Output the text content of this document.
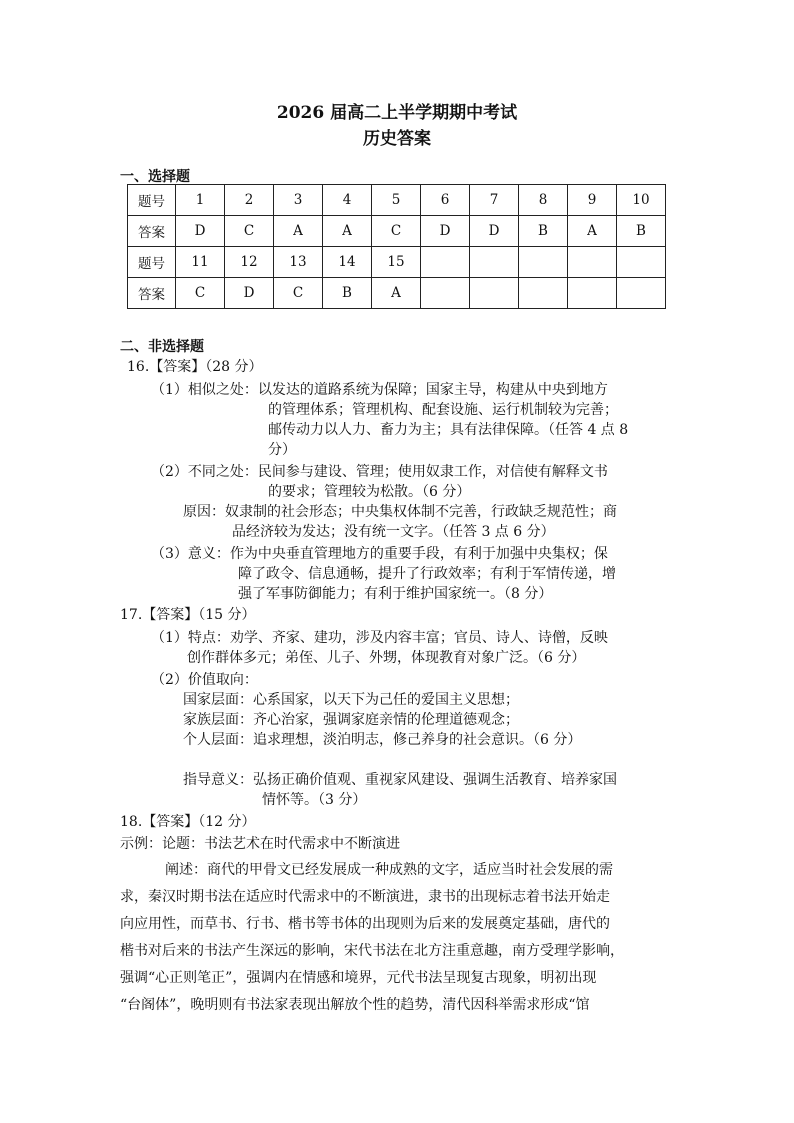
2026 届高二上半学期期中考试
历史答案
一、选择题
题号	1	2	3	4	5	6	7	8	9	10
答案	D	C	A	A	C	D	D	B	A	B
题号	11	12	13	14	15					
答案	C	D	C	B	A					
二、非选择题
16.【答案】（28 分）
（1）相似之处：以发达的道路系统为保障；国家主导，构建从中央到地方
的管理体系；管理机构、配套设施、运行机制较为完善；
邮传动力以人力、畜力为主；具有法律保障。（任答 4 点 8
分）
（2）不同之处：民间参与建设、管理；使用奴隶工作，对信使有解释文书
的要求；管理较为松散。（6 分）
原因：奴隶制的社会形态；中央集权体制不完善，行政缺乏规范性；商
品经济较为发达；没有统一文字。（任答 3 点 6 分）
（3）意义：作为中央垂直管理地方的重要手段，有利于加强中央集权；保
障了政令、信息通畅，提升了行政效率；有利于军情传递，增
强了军事防御能力；有利于维护国家统一。（8 分）
17.【答案】（15 分）
（1）特点：劝学、齐家、建功，涉及内容丰富；官员、诗人、诗僧，反映
创作群体多元；弟侄、儿子、外甥，体现教育对象广泛。（6 分）
（2）价值取向：
国家层面：心系国家，以天下为己任的爱国主义思想；
家族层面：齐心治家，强调家庭亲情的伦理道德观念；
个人层面：追求理想，淡泊明志，修己养身的社会意识。（6 分）
指导意义：弘扬正确价值观、重视家风建设、强调生活教育、培养家国
情怀等。（3 分）
18.【答案】（12 分）
示例：论题：书法艺术在时代需求中不断演进
阐述：商代的甲骨文已经发展成一种成熟的文字，适应当时社会发展的需
求，秦汉时期书法在适应时代需求中的不断演进，隶书的出现标志着书法开始走
向应用性，而草书、行书、楷书等书体的出现则为后来的发展奠定基础，唐代的
楷书对后来的书法产生深远的影响，宋代书法在北方注重意趣，南方受理学影响，
强调“心正则笔正”，强调内在情感和境界，元代书法呈现复古现象，明初出现
“台阁体”，晚明则有书法家表现出解放个性的趋势，清代因科举需求形成“馆
